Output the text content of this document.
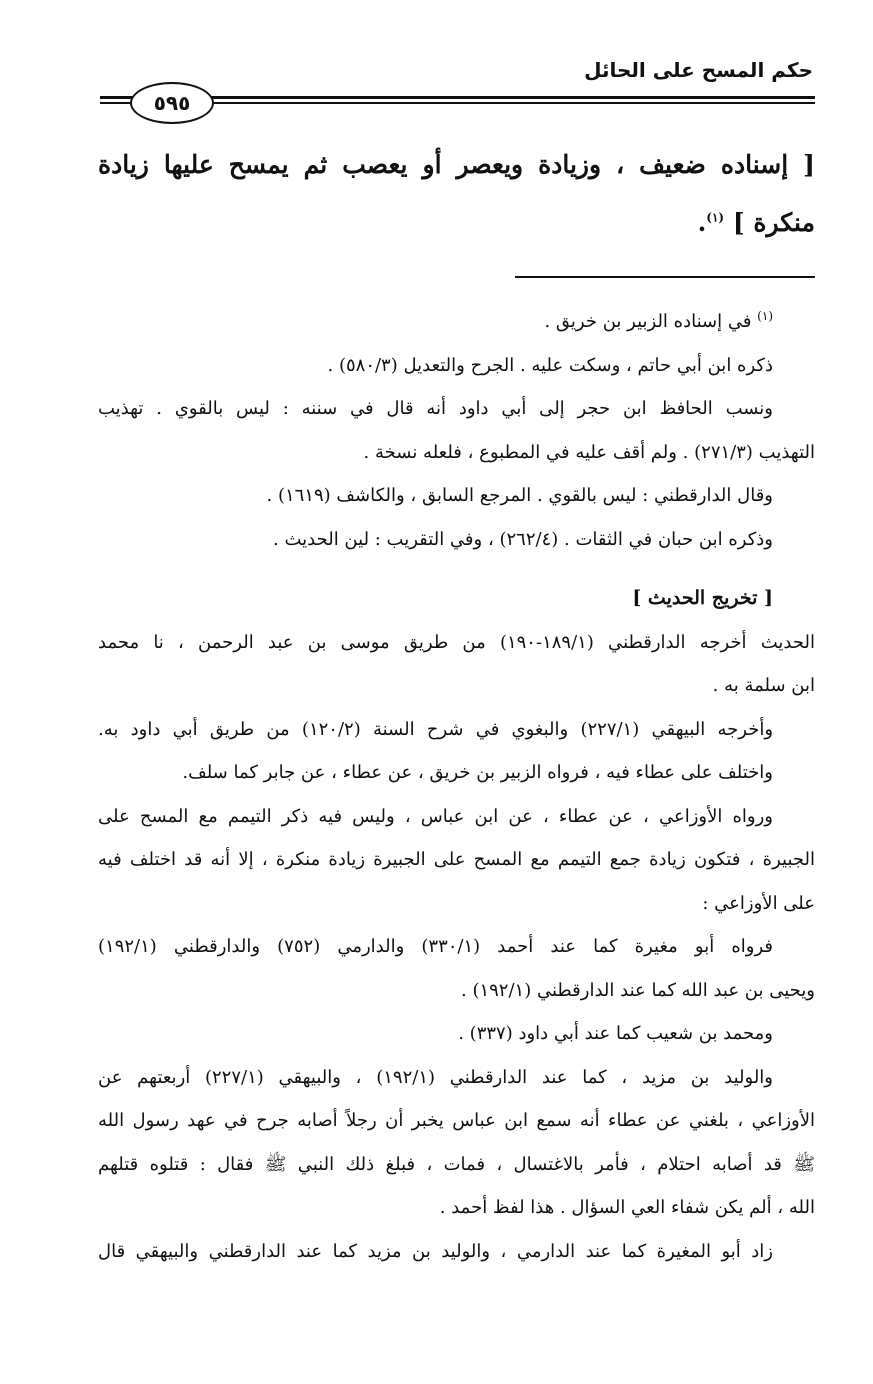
حكم المسح على الحائل
٥٩٥

[ إسناده ضعيف ، وزيادة ويعصر أو يعصب ثم يمسح عليها زيادة

منكرة ] $^{(١)}$.

$^{(١)}$ في إسناده الزبير بن خريق .

ذكره ابن أبي حاتم ، وسكت عليه . الجرح والتعديل (٥٨٠/٣) .

ونسب الحافظ ابن حجر إلى أبي داود أنه قال في سننه : ليس بالقوي . تهذيب

التهذيب (٢٧١/٣) . ولم أقف عليه في المطبوع ، فلعله نسخة .

وقال الدارقطني : ليس بالقوي . المرجع السابق ، والكاشف (١٦١٩) .

وذكره ابن حبان في الثقات . (٢٦٢/٤) ، وفي التقريب : لين الحديث .

[ تخريج الحديث ]

الحديث أخرجه الدارقطني (١٨٩/١-١٩٠) من طريق موسى بن عبد الرحمن ، نا محمد

ابن سلمة به .

وأخرجه البيهقي (٢٢٧/١) والبغوي في شرح السنة (١٢٠/٢) من طريق أبي داود به.

واختلف على عطاء فيه ، فرواه الزبير بن خريق ، عن عطاء ، عن جابر كما سلف.

ورواه الأوزاعي ، عن عطاء ، عن ابن عباس ، وليس فيه ذكر التيمم مع المسح على

الجبيرة ، فتكون زيادة جمع التيمم مع المسح على الجبيرة زيادة منكرة ، إلا أنه قد اختلف فيه

على الأوزاعي :

فرواه أبو مغيرة كما عند أحمد (٣٣٠/١) والدارمي (٧٥٢) والدارقطني (١٩٢/١)

ويحيى بن عبد الله كما عند الدارقطني (١٩٢/١) .

ومحمد بن شعيب كما عند أبي داود (٣٣٧) .

والوليد بن مزيد ، كما عند الدارقطني (١٩٢/١) ، والبيهقي (٢٢٧/١) أربعتهم عن

الأوزاعي ، بلغني عن عطاء أنه سمع ابن عباس يخبر أن رجلاً أصابه جرح في عهد رسول الله

ﷺ قد أصابه احتلام ، فأمر بالاغتسال ، فمات ، فبلغ ذلك النبي ﷺ فقال : قتلوه قتلهم

الله ، ألم يكن شفاء العي السؤال . هذا لفظ أحمد .

زاد أبو المغيرة كما عند الدارمي ، والوليد بن مزيد كما عند الدارقطني والبيهقي قال
